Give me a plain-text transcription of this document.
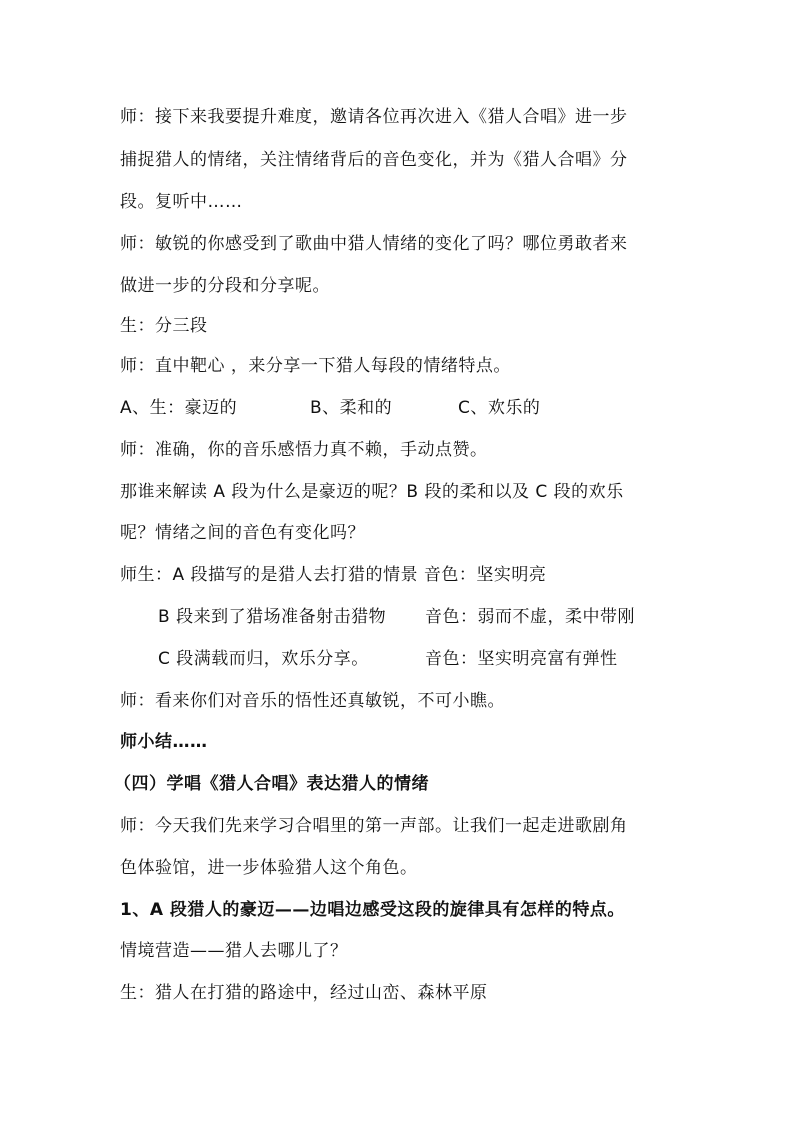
师：接下来我要提升难度，邀请各位再次进入《猎人合唱》进一步
捕捉猎人的情绪，关注情绪背后的音色变化，并为《猎人合唱》分
段。复听中……
师：敏锐的你感受到了歌曲中猎人情绪的变化了吗？哪位勇敢者来
做进一步的分段和分享呢。
生：分三段
师：直中靶心 ，来分享一下猎人每段的情绪特点。
A、生：豪迈的	B、柔和的	C、欢乐的
师：准确，你的音乐感悟力真不赖，手动点赞。
那谁来解读 A 段为什么是豪迈的呢？B 段的柔和以及 C 段的欢乐
呢？情绪之间的音色有变化吗？
师生：A 段描写的是猎人去打猎的情景 音色：坚实明亮
B 段来到了猎场准备射击猎物 音色：弱而不虚，柔中带刚
C 段满载而归，欢乐分享。	音色：坚实明亮富有弹性
师：看来你们对音乐的悟性还真敏锐，不可小瞧。
师小结……
（四）学唱《猎人合唱》表达猎人的情绪
师：今天我们先来学习合唱里的第一声部。让我们一起走进歌剧角
色体验馆，进一步体验猎人这个角色。
1、A 段猎人的豪迈——边唱边感受这段的旋律具有怎样的特点。
情境营造——猎人去哪儿了？
生：猎人在打猎的路途中，经过山峦、森林平原
